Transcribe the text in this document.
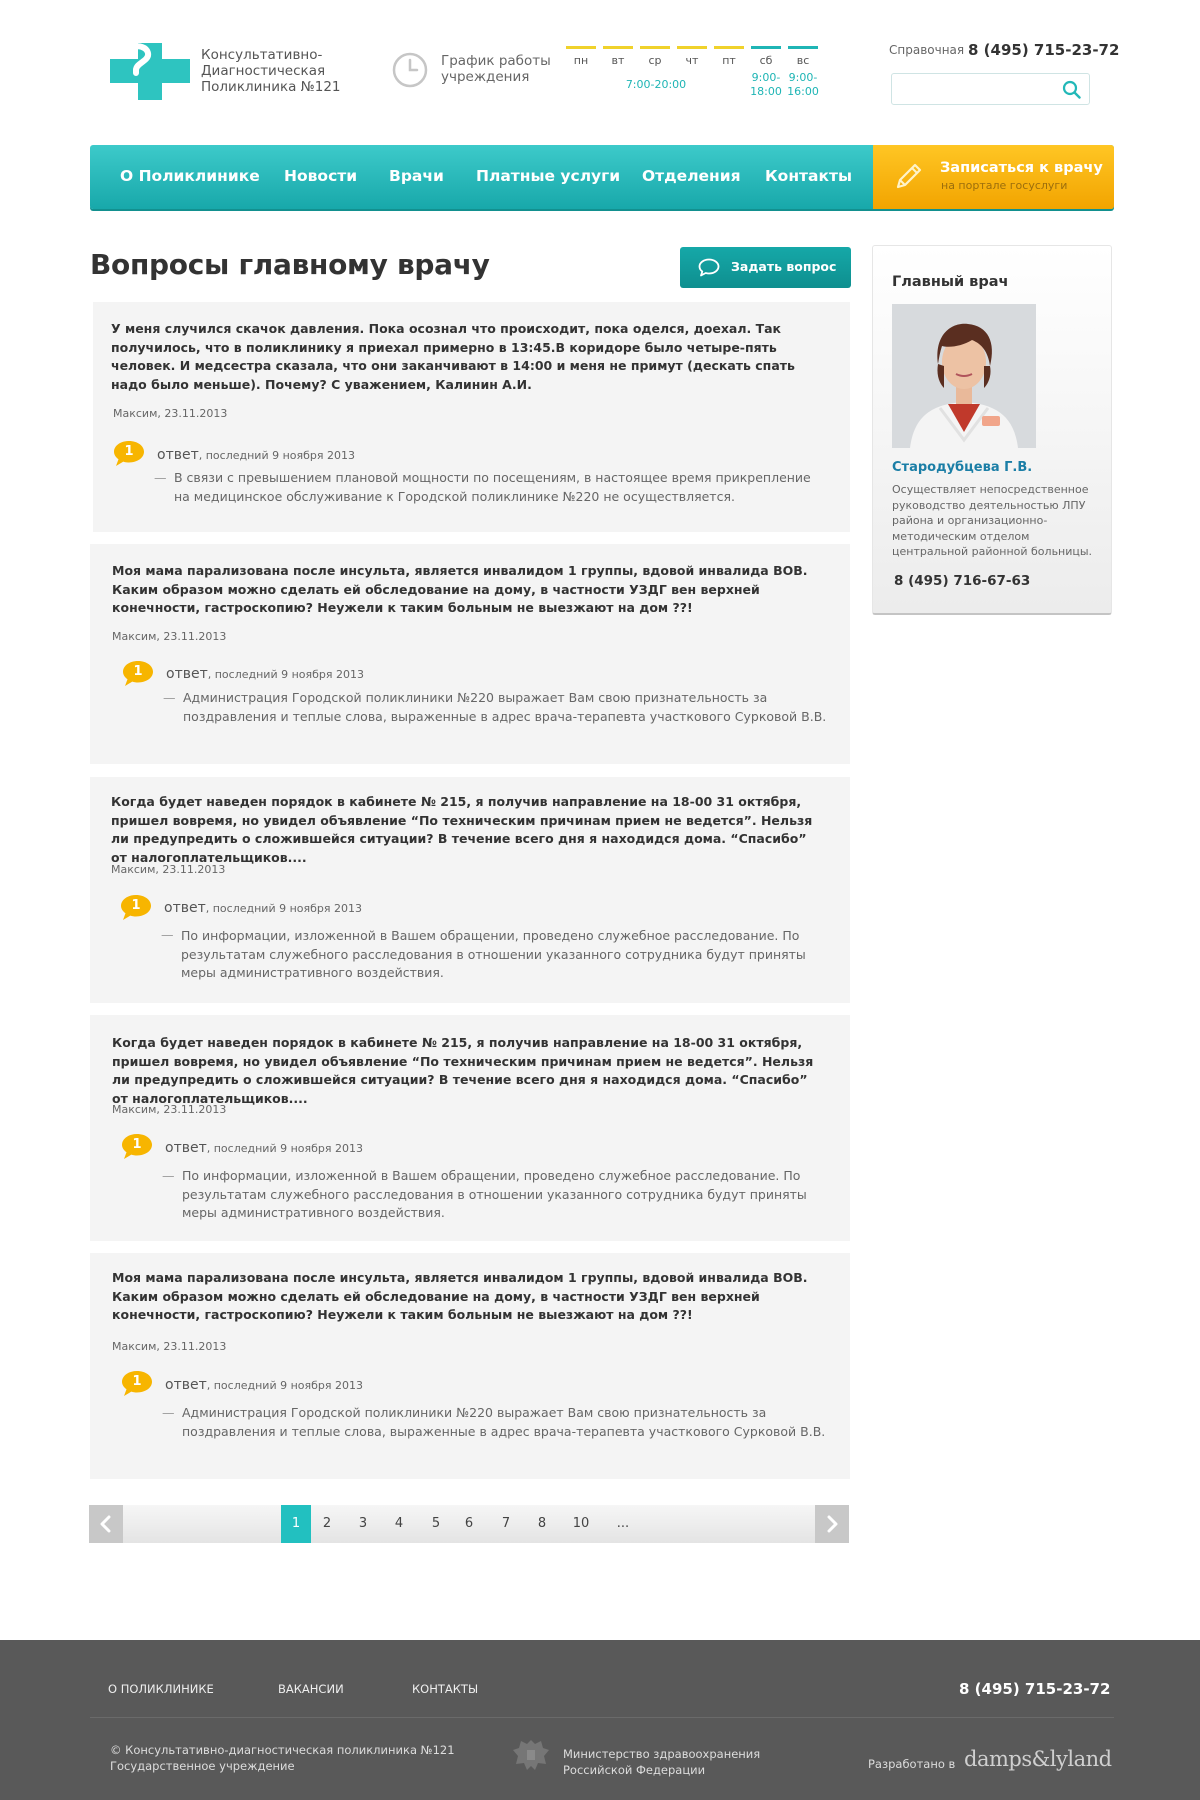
Консультативно-Диагностическая Поликлиника №121
График работы учреждения
пн	вт	ср	чт	пт	сб	вс
7:00-20:00
9:00-18:00
9:00-16:00
Справочная 8 (495) 715-23-72
О Поликлинике Новости Врачи Платные услуги Отделения Контакты	Записаться к врачу
на портале госуслуги
Вопросы главному врачу	Задать вопрос
У меня случился скачок давления. Пока осознал что происходит, пока оделся, доехал. Так получилось, что в поликлинику я приехал примерно в 13:45.В коридоре было четыре-пять человек. И медсестра сказала, что они заканчивают в 14:00 и меня не примут (дескать спать надо было меньше). Почему? С уважением, Калинин А.И.
Максим, 23.11.2013
1	ответ, последний 9 ноября 2013
— В связи с превышением плановой мощности по посещениям, в настоящее время прикрепление на медицинское обслуживание к Городской поликлинике №220 не осуществляется.
Моя мама парализована после инсульта, является инвалидом 1 группы, вдовой инвалида ВОВ. Каким образом можно сделать ей обследование на дому, в частности УЗДГ вен верхней конечности, гастроскопию? Неужели к таким больным не выезжают на дом ??!
Максим, 23.11.2013
1	ответ, последний 9 ноября 2013
— Администрация Городской поликлиники №220 выражает Вам свою признательность за поздравления и теплые слова, выраженные в адрес врача-терапевта участкового Сурковой В.В.
Когда будет наведен порядок в кабинете № 215, я получив направление на 18-00 31 октября, пришел вовремя, но увидел объявление “По техническим причинам прием не ведется”. Нельзя ли предупредить о сложившейся ситуации? В течение всего дня я находидся дома. “Спасибо” от налогоплательщиков....
Максим, 23.11.2013
1	ответ, последний 9 ноября 2013
— По информации, изложенной в Вашем обращении, проведено служебное расследование. По результатам служебного расследования в отношении указанного сотрудника будут приняты меры административного воздействия.
Когда будет наведен порядок в кабинете № 215, я получив направление на 18-00 31 октября, пришел вовремя, но увидел объявление “По техническим причинам прием не ведется”. Нельзя ли предупредить о сложившейся ситуации? В течение всего дня я находидся дома. “Спасибо” от налогоплательщиков....
Максим, 23.11.2013
1	ответ, последний 9 ноября 2013
— По информации, изложенной в Вашем обращении, проведено служебное расследование. По результатам служебного расследования в отношении указанного сотрудника будут приняты меры административного воздействия.
Моя мама парализована после инсульта, является инвалидом 1 группы, вдовой инвалида ВОВ. Каким образом можно сделать ей обследование на дому, в частности УЗДГ вен верхней конечности, гастроскопию? Неужели к таким больным не выезжают на дом ??!
Максим, 23.11.2013
1	ответ, последний 9 ноября 2013
— Администрация Городской поликлиники №220 выражает Вам свою признательность за поздравления и теплые слова, выраженные в адрес врача-терапевта участкового Сурковой В.В.
1	2	3	4	5	6	7	8	10	...
Главный врач
Стародубцева Г.В.
Осуществляет непосредственное руководство деятельностью ЛПУ района и организационно-методическим отделом центральной районной больницы.
8 (495) 716-67-63
О ПОЛИКЛИНИКЕ	ВАКАНСИИ	КОНТАКТЫ	8 (495) 715-23-72
© Консультативно-диагностическая поликлиника №121
Государственное учреждение
Министерство здравоохранения
Российской Федерации	Разработано в damps&lyland
